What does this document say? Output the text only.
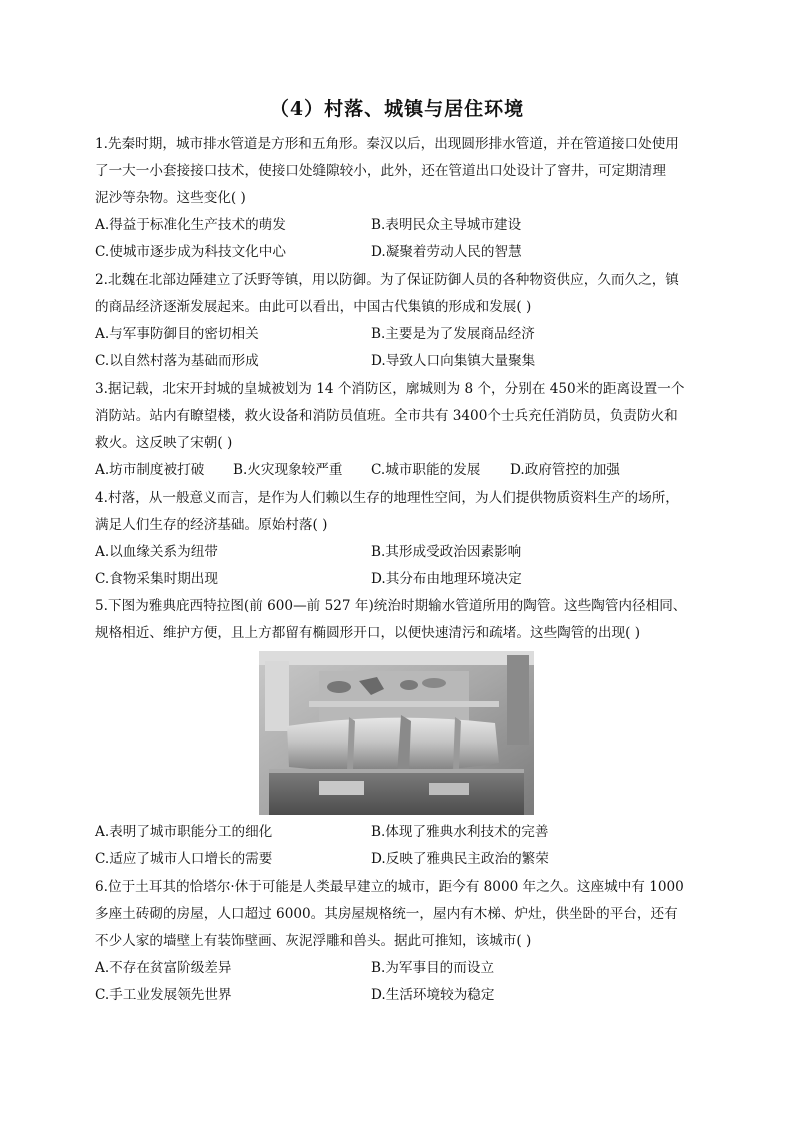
（4）村落、城镇与居住环境
1.先秦时期，城市排水管道是方形和五角形。秦汉以后，出现圆形排水管道，并在管道接口处使用
了一大一小套接接口技术，使接口处缝隙较小，此外，还在管道出口处设计了窨井，可定期清理
泥沙等杂物。这些变化( )
A.得益于标准化生产技术的萌发	B.表明民众主导城市建设
C.使城市逐步成为科技文化中心	D.凝聚着劳动人民的智慧
2.北魏在北部边陲建立了沃野等镇，用以防御。为了保证防御人员的各种物资供应，久而久之，镇
的商品经济逐渐发展起来。由此可以看出，中国古代集镇的形成和发展( )
A.与军事防御目的密切相关	B.主要是为了发展商品经济
C.以自然村落为基础而形成	D.导致人口向集镇大量聚集
3.据记载，北宋开封城的皇城被划为 14 个消防区，廓城则为 8 个，分别在 450米的距离设置一个
消防站。站内有瞭望楼，救火设备和消防员值班。全市共有 3400个士兵充任消防员，负责防火和
救火。这反映了宋朝( )
A.坊市制度被打破 B.火灾现象较严重 C.城市职能的发展 D.政府管控的加强
4.村落，从一般意义而言，是作为人们赖以生存的地理性空间，为人们提供物质资料生产的场所，
满足人们生存的经济基础。原始村落( )
A.以血缘关系为纽带	B.其形成受政治因素影响
C.食物采集时期出现	D.其分布由地理环境决定
5.下图为雅典庇西特拉图(前 600—前 527 年)统治时期输水管道所用的陶管。这些陶管内径相同、
规格相近、维护方便，且上方都留有椭圆形开口，以便快速清污和疏堵。这些陶管的出现( )
A.表明了城市职能分工的细化	B.体现了雅典水利技术的完善
C.适应了城市人口增长的需要	D.反映了雅典民主政治的繁荣
6.位于土耳其的恰塔尔·休于可能是人类最早建立的城市，距今有 8000 年之久。这座城中有 1000
多座土砖砌的房屋，人口超过 6000。其房屋规格统一，屋内有木梯、炉灶，供坐卧的平台，还有
不少人家的墙壁上有装饰壁画、灰泥浮雕和兽头。据此可推知，该城市( )
A.不存在贫富阶级差异	B.为军事目的而设立
C.手工业发展领先世界	D.生活环境较为稳定
